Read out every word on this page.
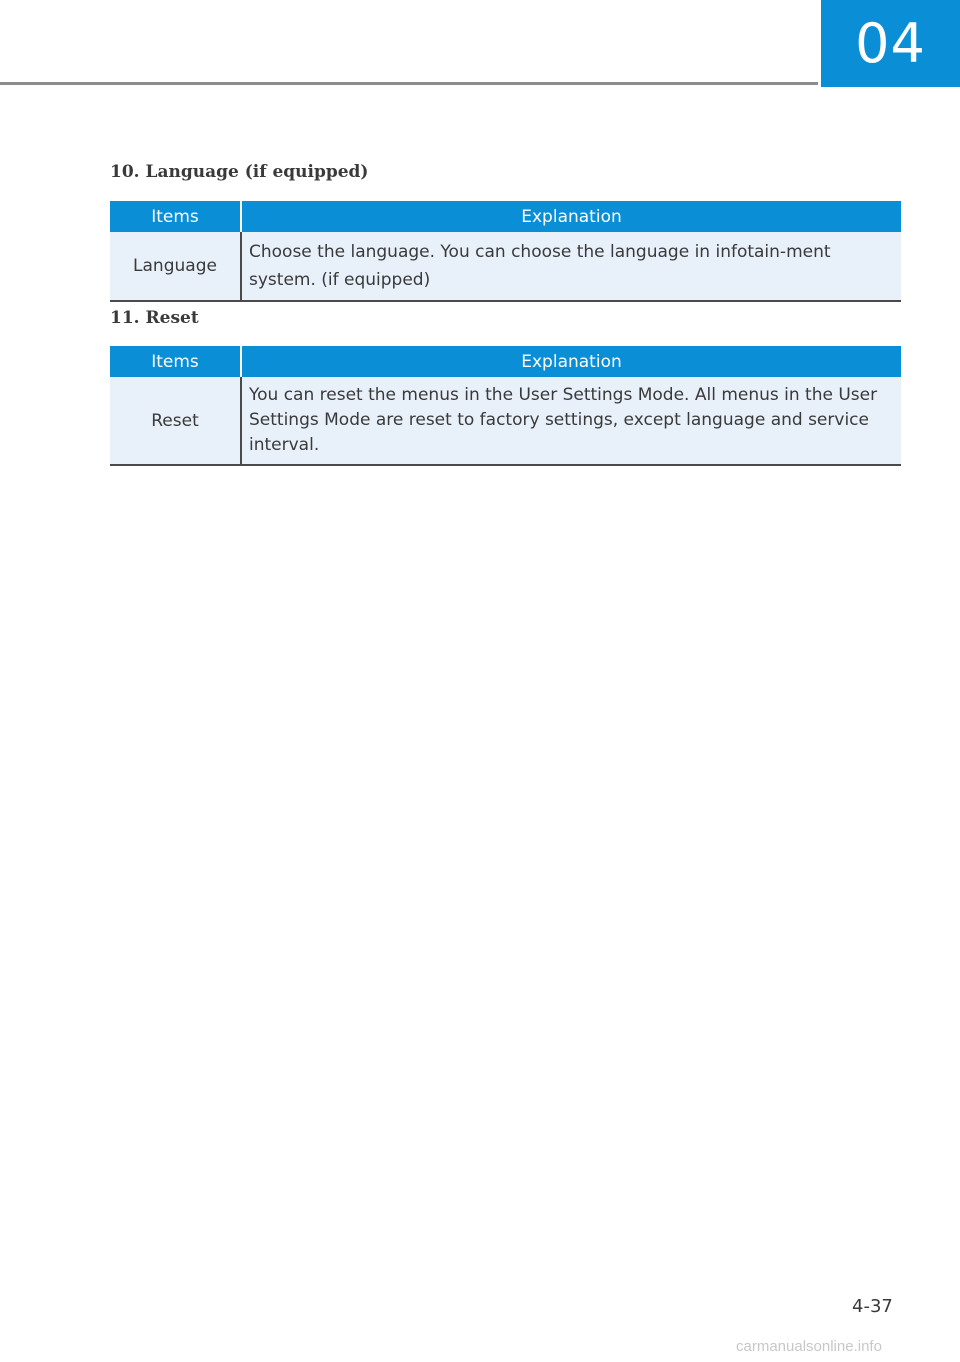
04
10. Language (if equipped)
Items	Explanation
Language	Choose the language. You can choose the language in infotain-ment system. (if equipped)
11. Reset
Items	Explanation
Reset	You can reset the menus in the User Settings Mode. All menus in the User Settings Mode are reset to factory settings, except language and service interval.
4-37
carmanualsonline.info
